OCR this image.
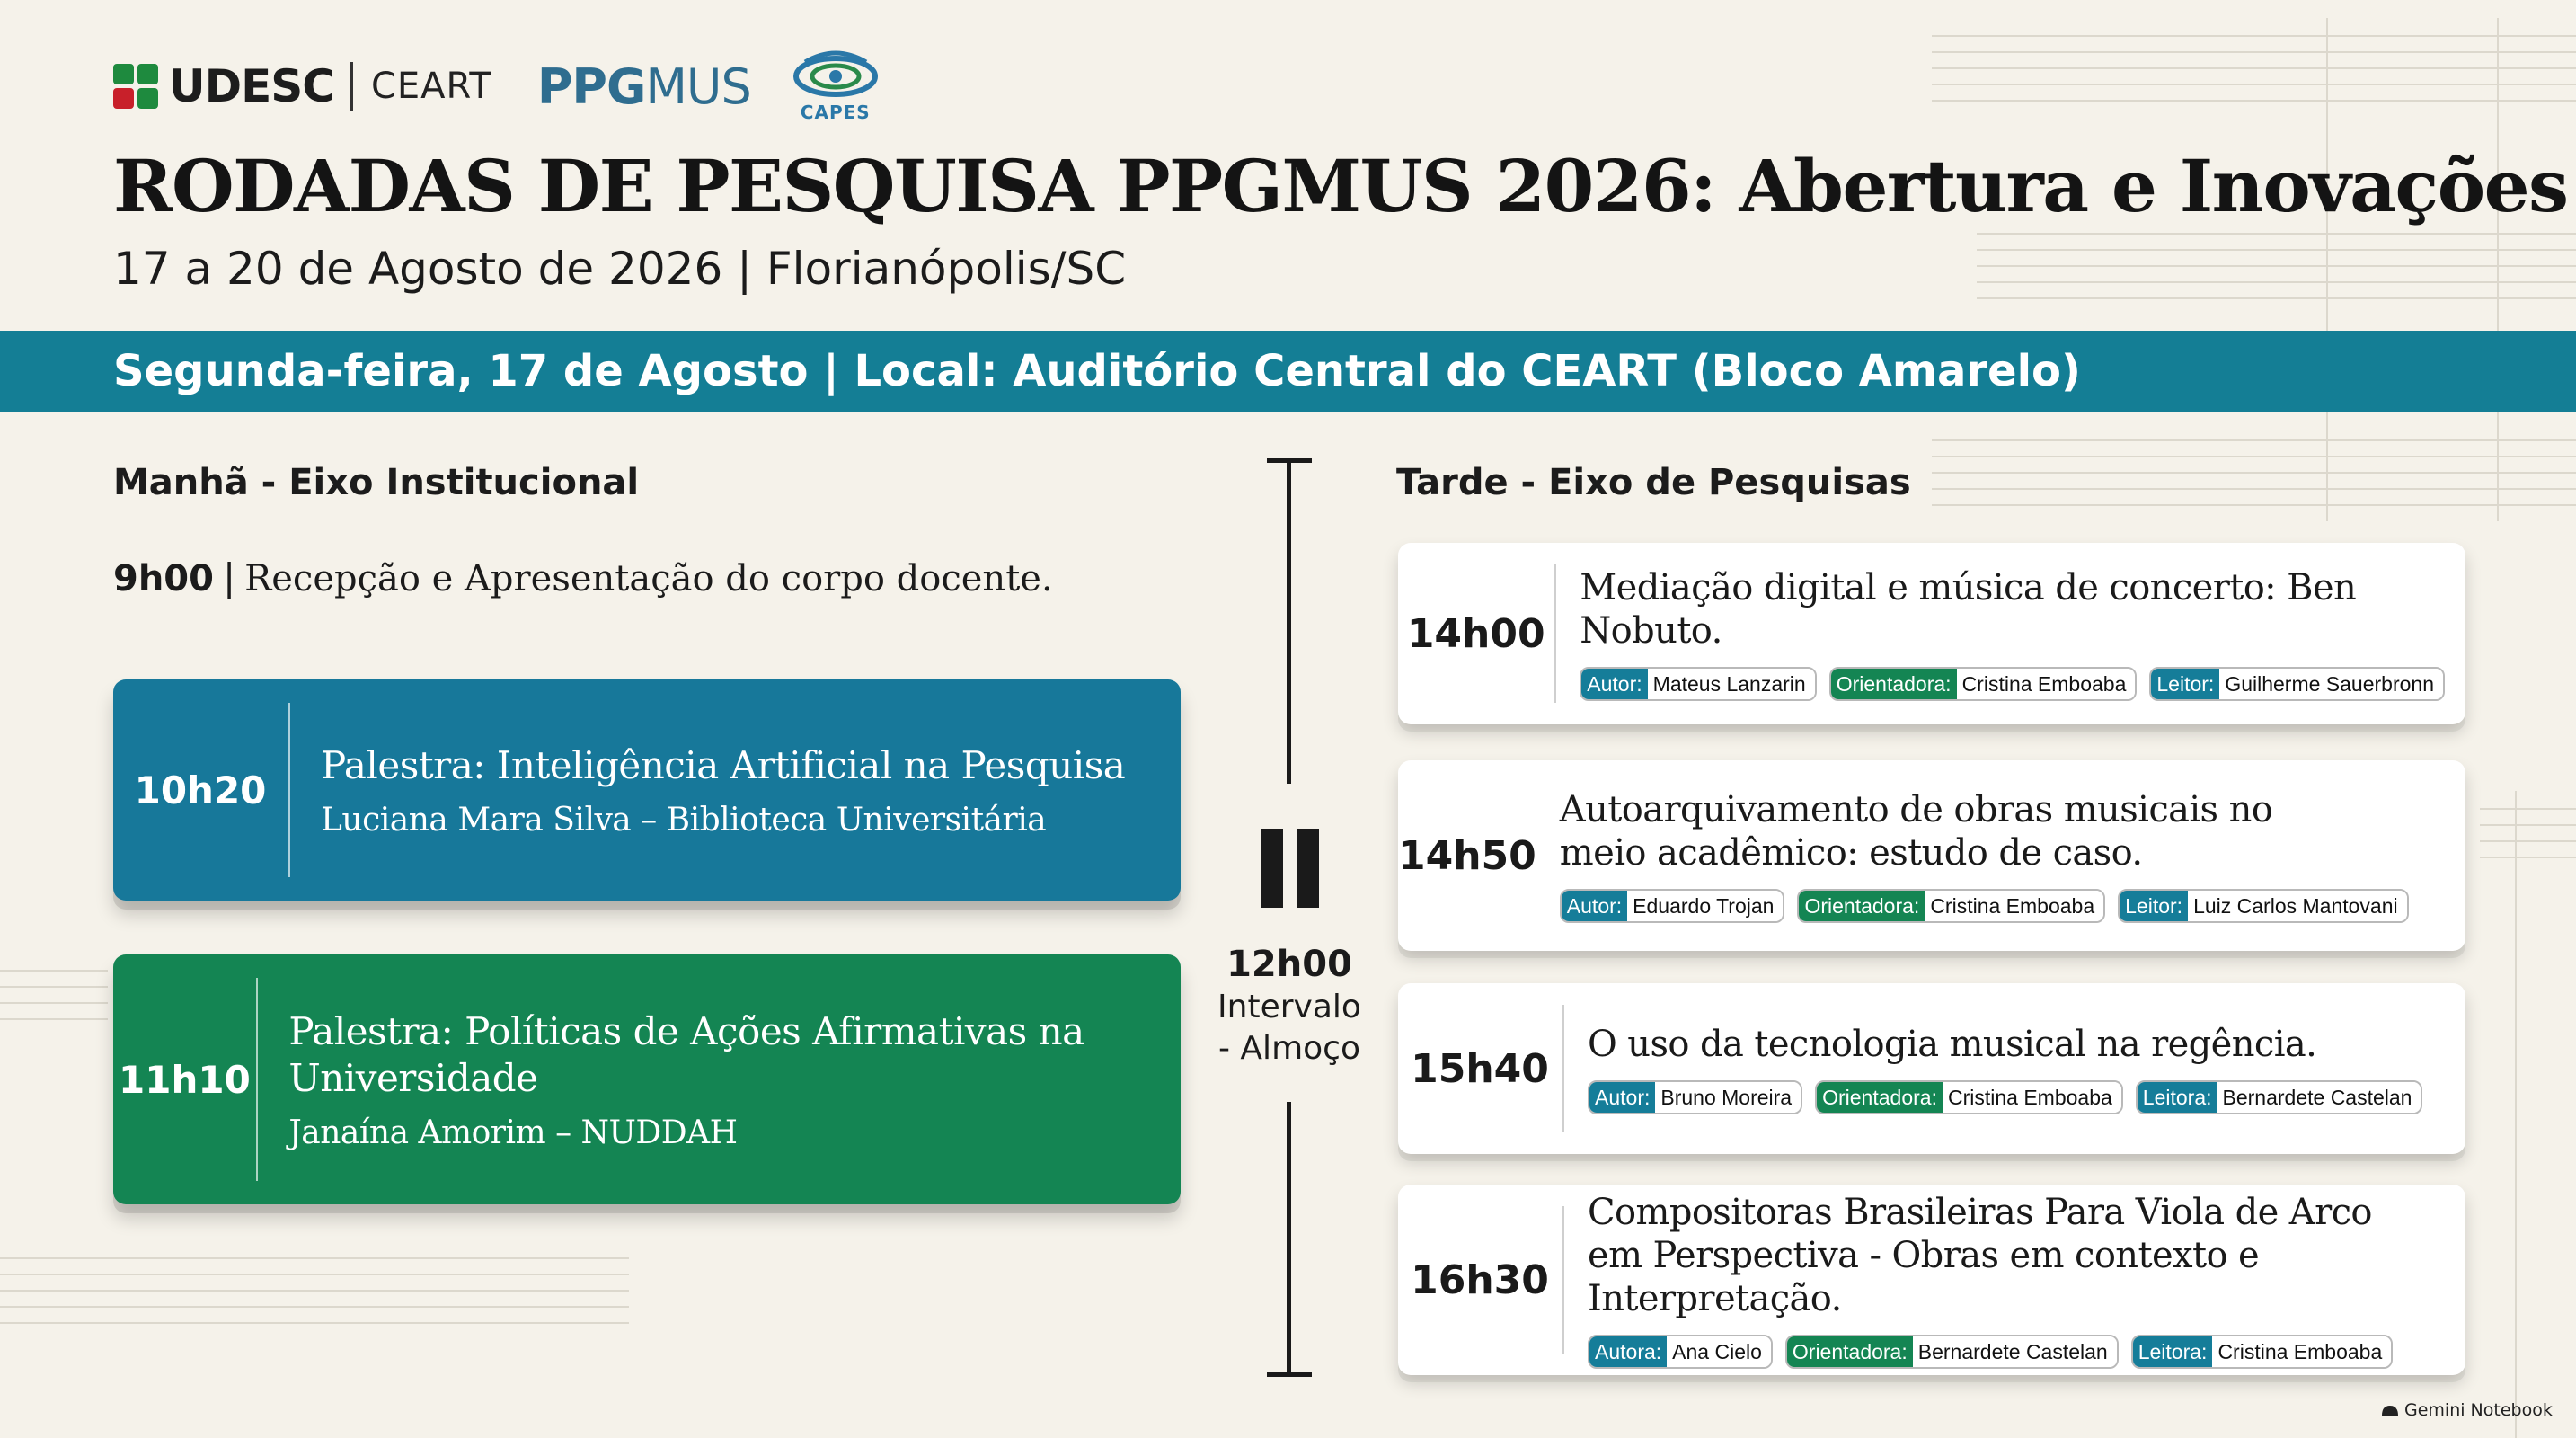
UDESC CEART PPGMUS	CAPES
RODADAS DE PESQUISA PPGMUS 2026: Abertura e Inovações
17 a 20 de Agosto de 2026 | Florianópolis/SC
Segunda-feira, 17 de Agosto | Local: Auditório Central do CEART (Bloco Amarelo)
Manhã - Eixo Institucional
9h00 | Recepção e Apresentação do corpo docente.
10h20
Palestra: Inteligência Artificial na Pesquisa
Luciana Mara Silva – Biblioteca Universitária
11h10
Palestra: Políticas de Ações Afirmativas na Universidade
Janaína Amorim – NUDDAH
12h00
Intervalo
- Almoço
Tarde - Eixo de Pesquisas
14h00
Mediação digital e música de concerto: Ben Nobuto.
Autor: Mateus Lanzarin	Orientadora: Cristina Emboaba	Leitor: Guilherme Sauerbronn
14h50
Autoarquivamento de obras musicais no meio acadêmico: estudo de caso.
Autor: Eduardo Trojan	Orientadora: Cristina Emboaba	Leitor: Luiz Carlos Mantovani
15h40
O uso da tecnologia musical na regência.
Autor: Bruno Moreira	Orientadora: Cristina Emboaba	Leitora: Bernardete Castelan
16h30
Compositoras Brasileiras Para Viola de Arco em Perspectiva - Obras em contexto e Interpretação.
Autora: Ana Cielo	Orientadora: Bernardete Castelan	Leitora: Cristina Emboaba
Gemini Notebook
